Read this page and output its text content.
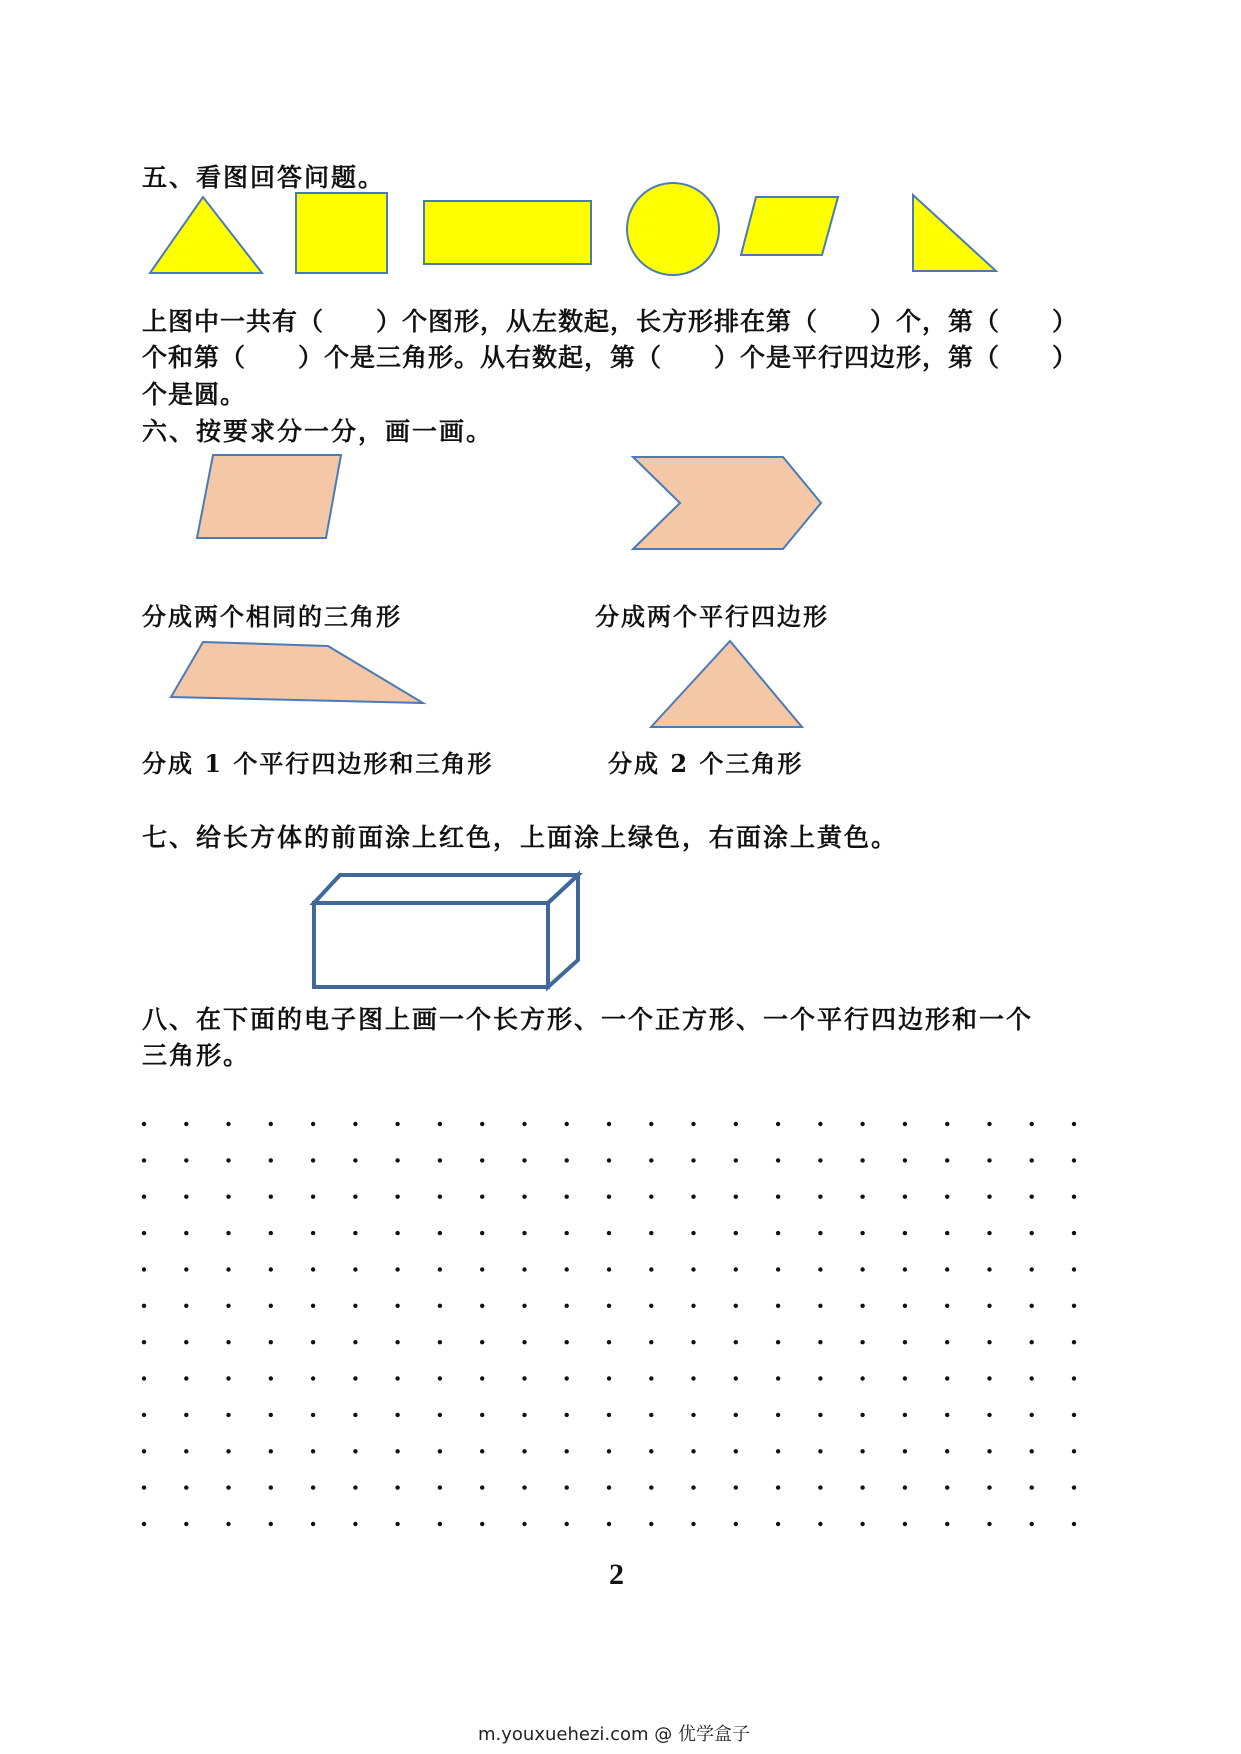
五、看图回答问题。
上图中一共有（　　）个图形，从左数起，长方形排在第（　　）个，第（　　）
个和第（　　）个是三角形。从右数起，第（　　）个是平行四边形，第（　　）
个是圆。
六、按要求分一分，画一画。
分成两个相同的三角形	分成两个平行四边形
分成 1 个平行四边形和三角形	分成 2 个三角形
七、给长方体的前面涂上红色，上面涂上绿色，右面涂上黄色。
八、在下面的电子图上画一个长方形、一个正方形、一个平行四边形和一个
三角形。
2
m.youxuehezi.com @ 优学盒子
